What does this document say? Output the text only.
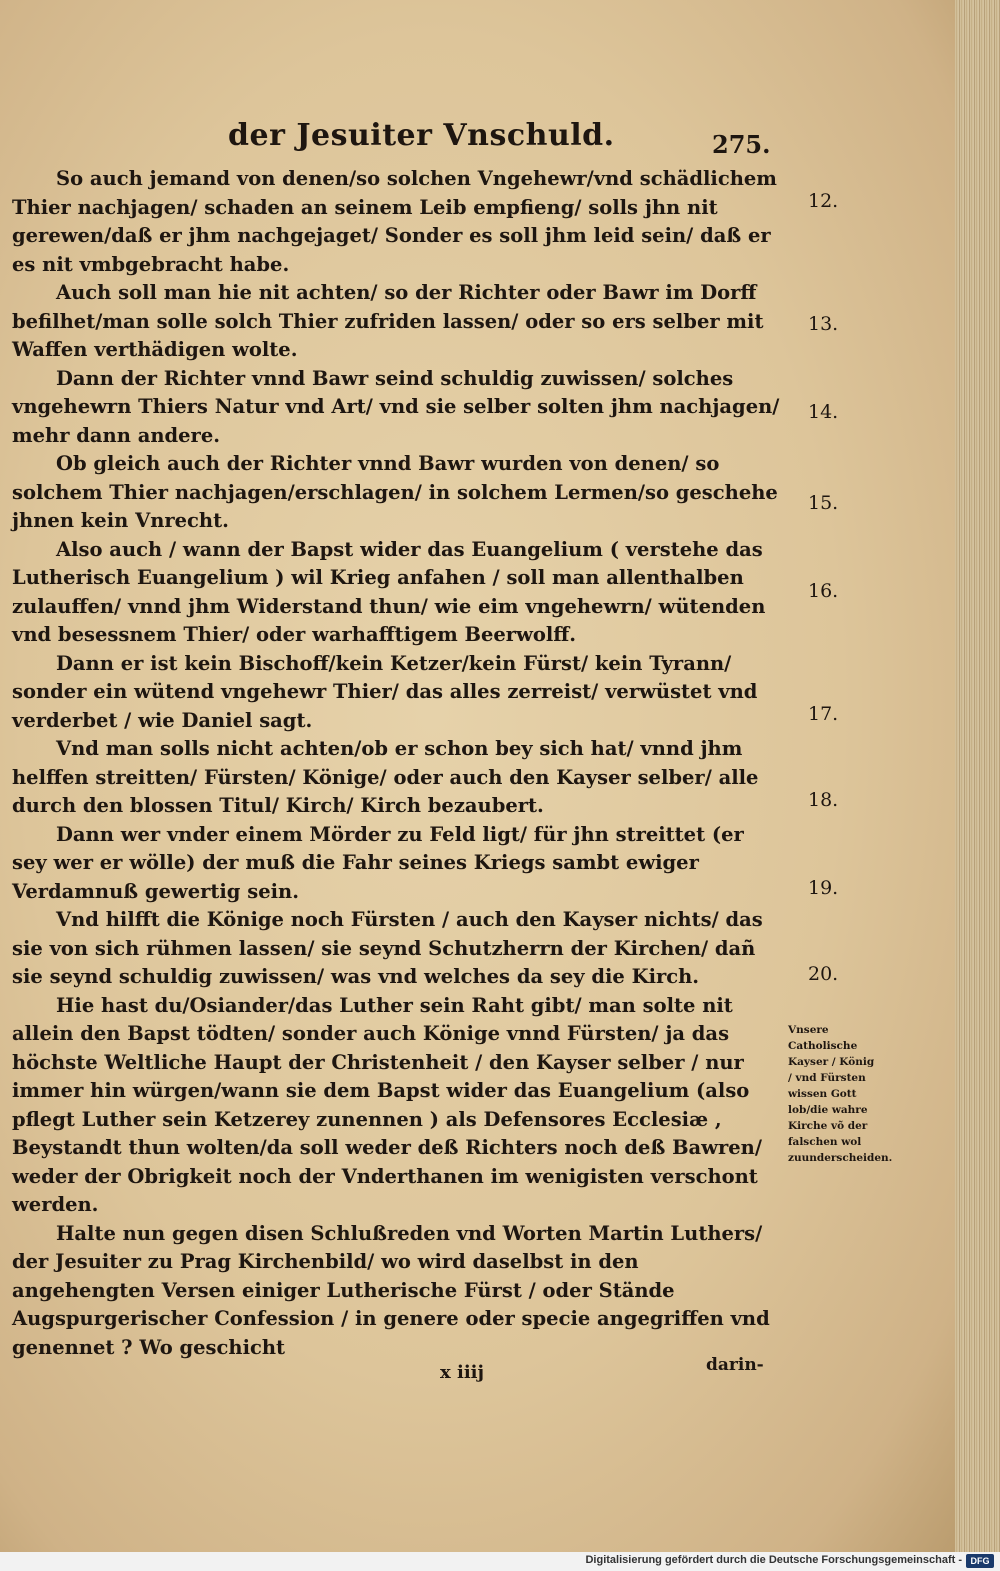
der Jesuiter Vnschuld.	275.
So auch jemand von denen/so solchen Vngehewr/vnd schädlichem Thier nachjagen/ schaden an seinem Leib empfieng/ solls jhn nit gerewen/daß er jhm nachgejaget/ Sonder es soll jhm leid sein/ daß er es nit vmbgebracht habe.
Auch soll man hie nit achten/ so der Richter oder Bawr im Dorff befilhet/man solle solch Thier zufriden lassen/ oder so ers selber mit Waffen verthädigen wolte.
Dann der Richter vnnd Bawr seind schuldig zuwissen/ solches vngehewrn Thiers Natur vnd Art/ vnd sie selber solten jhm nachjagen/ mehr dann andere.
Ob gleich auch der Richter vnnd Bawr wurden von denen/ so solchem Thier nachjagen/erschlagen/ in solchem Lermen/so geschehe jhnen kein Vnrecht.
Also auch / wann der Bapst wider das Euangelium ( verstehe das Lutherisch Euangelium ) wil Krieg anfahen / soll man allenthalben zulauffen/ vnnd jhm Widerstand thun/ wie eim vngehewrn/ wütenden vnd besessnem Thier/ oder warhafftigem Beerwolff.
Dann er ist kein Bischoff/kein Ketzer/kein Fürst/ kein Tyrann/ sonder ein wütend vngehewr Thier/ das alles zerreist/ verwüstet vnd verderbet / wie Daniel sagt.
Vnd man solls nicht achten/ob er schon bey sich hat/ vnnd jhm helffen streitten/ Fürsten/ Könige/ oder auch den Kayser selber/ alle durch den blossen Titul/ Kirch/ Kirch bezaubert.
Dann wer vnder einem Mörder zu Feld ligt/ für jhn streittet (er sey wer er wölle) der muß die Fahr seines Kriegs sambt ewiger Verdamnuß gewertig sein.
Vnd hilfft die Könige noch Fürsten / auch den Kayser nichts/ das sie von sich rühmen lassen/ sie seynd Schutzherrn der Kirchen/ dañ sie seynd schuldig zuwissen/ was vnd welches da sey die Kirch.
Hie hast du/Osiander/das Luther sein Raht gibt/ man solte nit allein den Bapst tödten/ sonder auch Könige vnnd Fürsten/ ja das höchste Weltliche Haupt der Christenheit / den Kayser selber / nur immer hin würgen/wann sie dem Bapst wider das Euangelium (also pflegt Luther sein Ketzerey zunennen ) als Defensores Ecclesiæ , Beystandt thun wolten/da soll weder deß Richters noch deß Bawren/ weder der Obrigkeit noch der Vnderthanen im wenigisten verschont werden.
Halte nun gegen disen Schlußreden vnd Worten Martin Luthers/ der Jesuiter zu Prag Kirchenbild/ wo wird daselbst in den angehengten Versen einiger Lutherische Fürst / oder Stände Augspurgerischer Confession / in genere oder specie angegriffen vnd genennet ? Wo geschicht
12.
13.
14.
15.
16.
17.
18.
19.
20.
Vnsere Catholische Kayser / König / vnd Fürsten wissen Gott lob/die wahre Kirche võ der falschen wol zuunderscheiden.
x iiij	darin-
Digitalisierung gefördert durch die Deutsche Forschungsgemeinschaft - DFG
